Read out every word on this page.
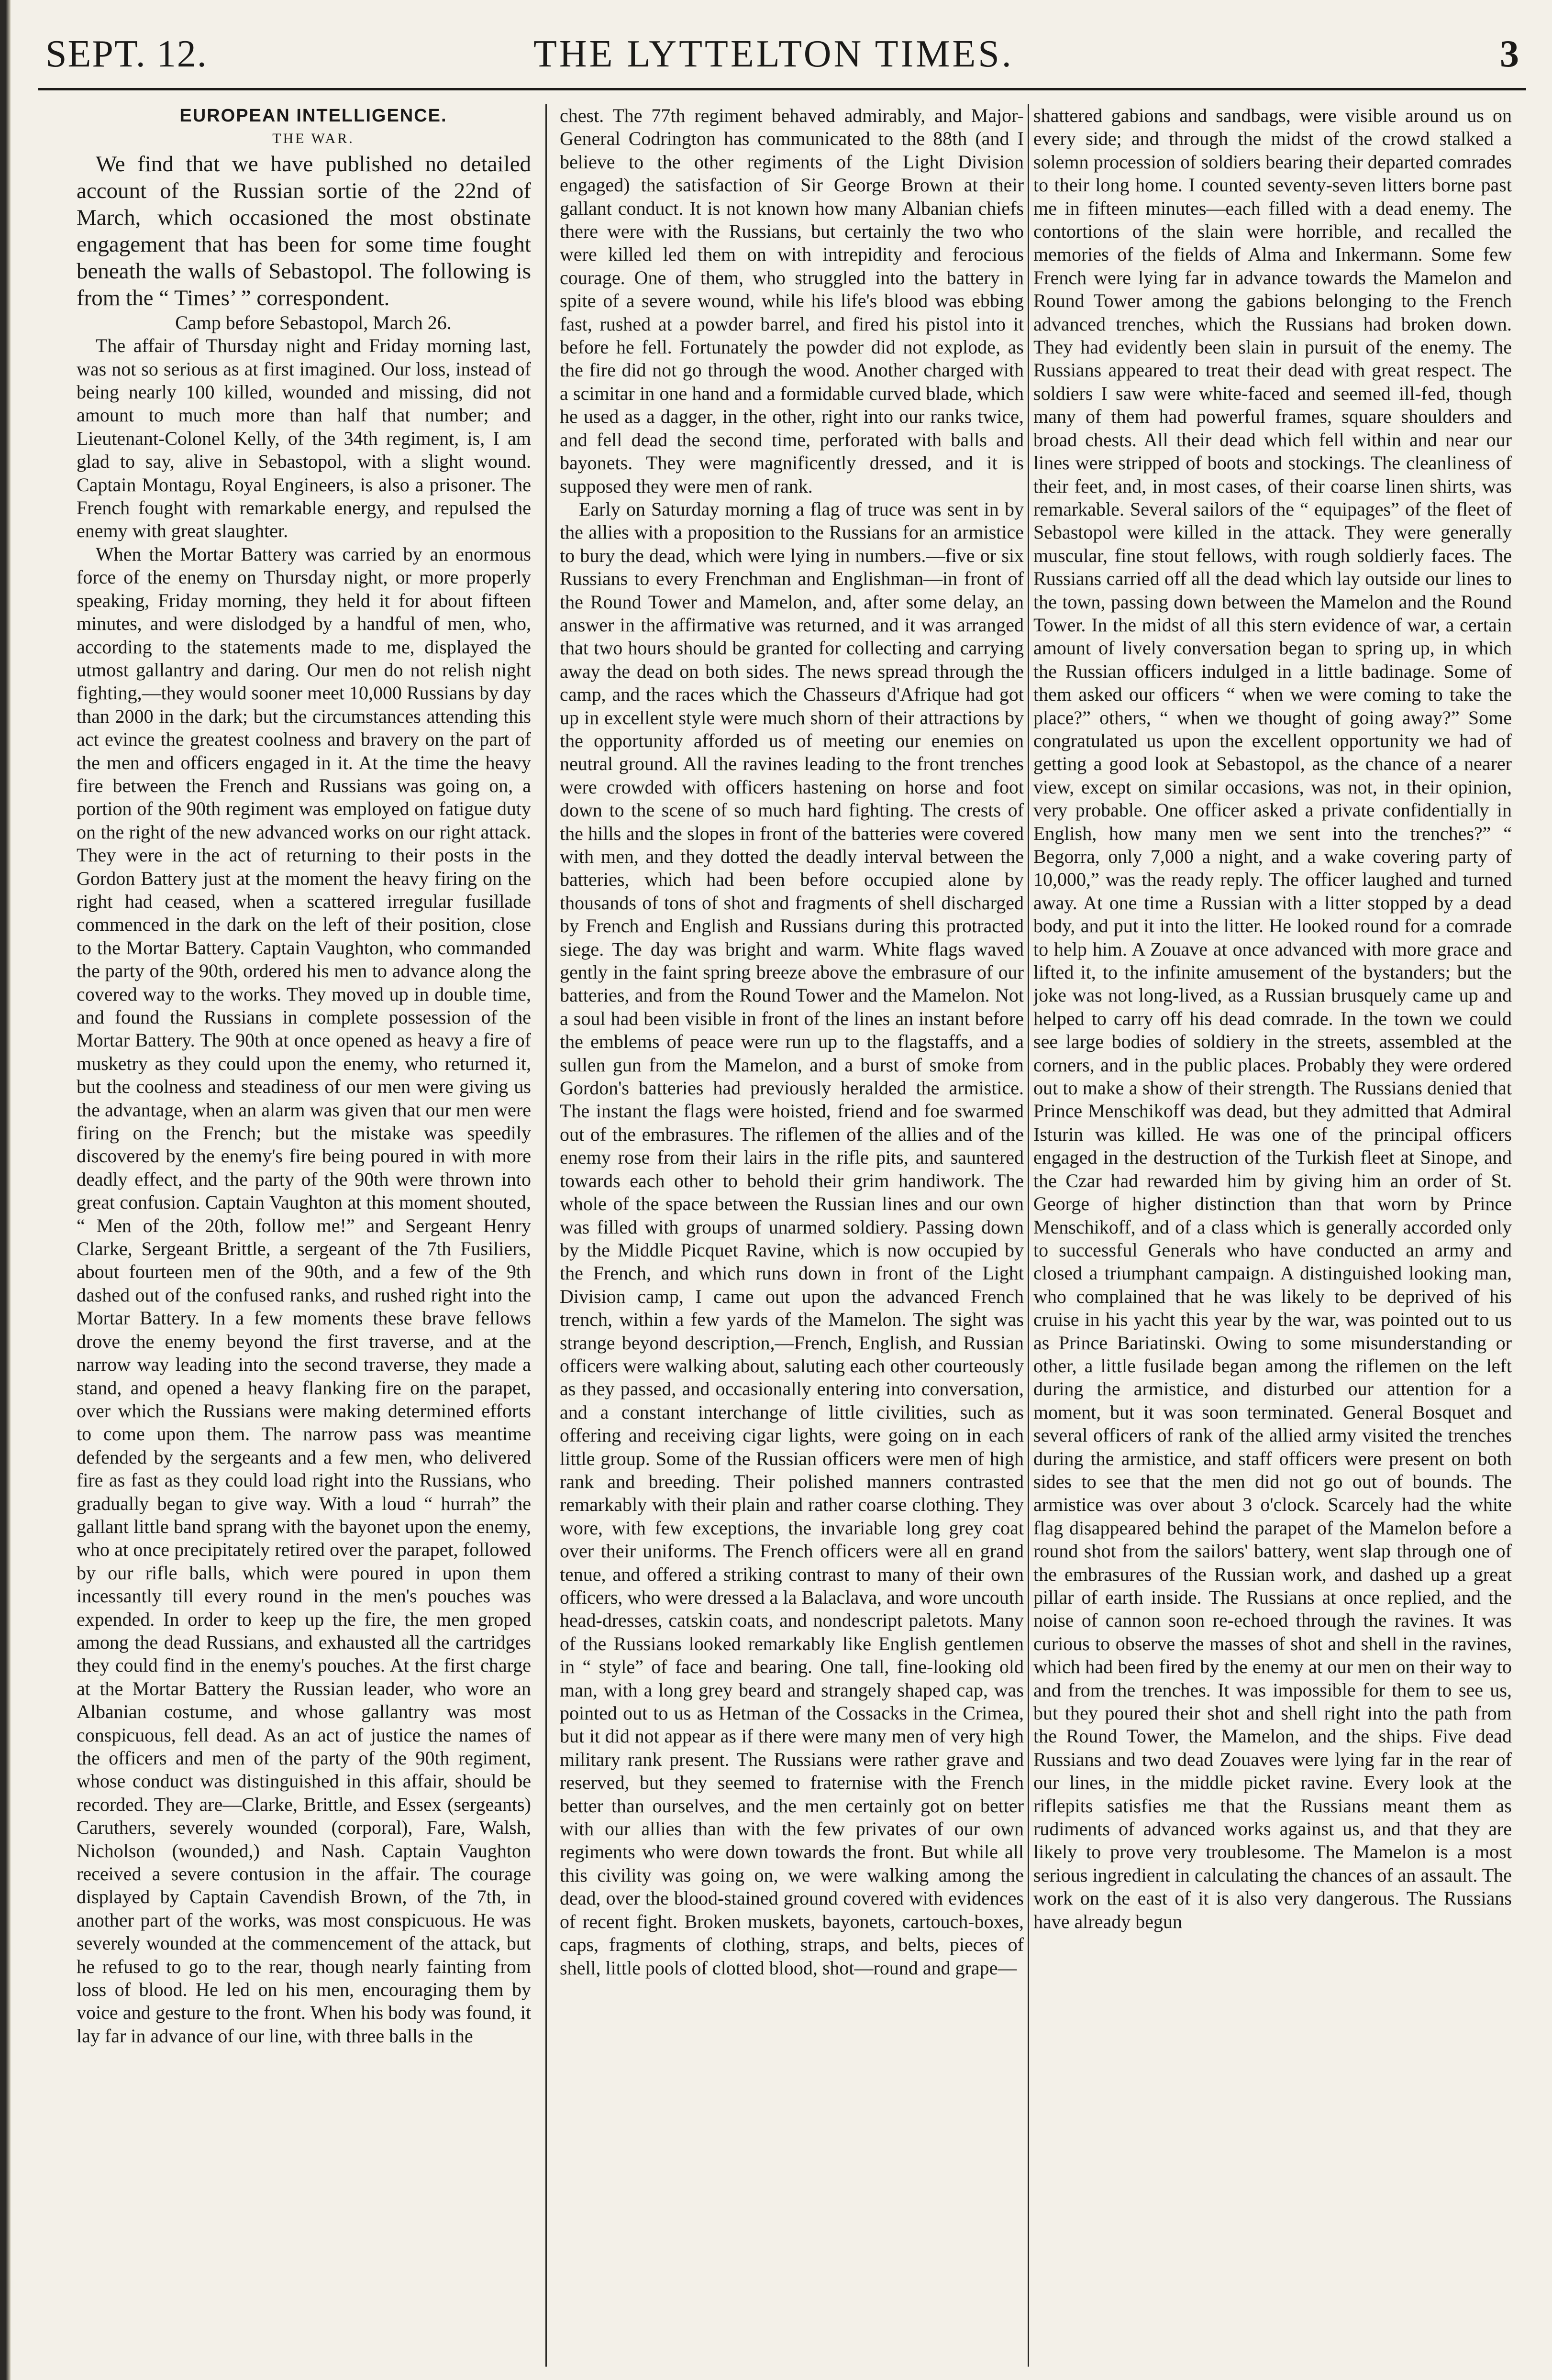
SEPT. 12.	THE LYTTELTON TIMES.	3

EUROPEAN INTELLIGENCE.

THE WAR.

We find that we have published no detailed account of the Russian sortie of the 22nd of March, which occasioned the most obstinate engagement that has been for some time fought beneath the walls of Sebastopol. The following is from the “ Times’ ” correspondent.

Camp before Sebastopol, March 26.

The affair of Thursday night and Friday morning last, was not so serious as at first imagined. Our loss, instead of being nearly 100 killed, wounded and missing, did not amount to much more than half that number; and Lieutenant-Colonel Kelly, of the 34th regiment, is, I am glad to say, alive in Sebastopol, with a slight wound. Captain Montagu, Royal Engineers, is also a prisoner. The French fought with remarkable energy, and repulsed the enemy with great slaughter.

When the Mortar Battery was carried by an enormous force of the enemy on Thursday night, or more properly speaking, Friday morning, they held it for about fifteen minutes, and were dislodged by a handful of men, who, according to the statements made to me, displayed the utmost gallantry and daring. Our men do not relish night fighting,—they would sooner meet 10,000 Russians by day than 2000 in the dark; but the circumstances attending this act evince the greatest coolness and bravery on the part of the men and officers engaged in it. At the time the heavy fire between the French and Russians was going on, a portion of the 90th regiment was employed on fatigue duty on the right of the new advanced works on our right attack. They were in the act of returning to their posts in the Gordon Battery just at the moment the heavy firing on the right had ceased, when a scattered irregular fusillade commenced in the dark on the left of their position, close to the Mortar Battery. Captain Vaughton, who commanded the party of the 90th, ordered his men to advance along the covered way to the works. They moved up in double time, and found the Russians in complete possession of the Mortar Battery. The 90th at once opened as heavy a fire of musketry as they could upon the enemy, who returned it, but the coolness and steadiness of our men were giving us the advantage, when an alarm was given that our men were firing on the French; but the mistake was speedily discovered by the enemy's fire being poured in with more deadly effect, and the party of the 90th were thrown into great confusion. Captain Vaughton at this moment shouted, “ Men of the 20th, follow me!” and Sergeant Henry Clarke, Sergeant Brittle, a sergeant of the 7th Fusiliers, about fourteen men of the 90th, and a few of the 9th dashed out of the confused ranks, and rushed right into the Mortar Battery. In a few moments these brave fellows drove the enemy beyond the first traverse, and at the narrow way leading into the second traverse, they made a stand, and opened a heavy flanking fire on the parapet, over which the Russians were making determined efforts to come upon them. The narrow pass was meantime defended by the sergeants and a few men, who delivered fire as fast as they could load right into the Russians, who gradually began to give way. With a loud “ hurrah” the gallant little band sprang with the bayonet upon the enemy, who at once precipitately retired over the parapet, followed by our rifle balls, which were poured in upon them incessantly till every round in the men's pouches was expended. In order to keep up the fire, the men groped among the dead Russians, and exhausted all the cartridges they could find in the enemy's pouches. At the first charge at the Mortar Battery the Russian leader, who wore an Albanian costume, and whose gallantry was most conspicuous, fell dead. As an act of justice the names of the officers and men of the party of the 90th regiment, whose conduct was distinguished in this affair, should be recorded. They are—Clarke, Brittle, and Essex (sergeants) Caruthers, severely wounded (corporal), Fare, Walsh, Nicholson (wounded,) and Nash. Captain Vaughton received a severe contusion in the affair. The courage displayed by Captain Cavendish Brown, of the 7th, in another part of the works, was most conspicuous. He was severely wounded at the commencement of the attack, but he refused to go to the rear, though nearly fainting from loss of blood. He led on his men, encouraging them by voice and gesture to the front. When his body was found, it lay far in advance of our line, with three balls in the

chest. The 77th regiment behaved admirably, and Major-General Codrington has communicated to the 88th (and I believe to the other regiments of the Light Division engaged) the satisfaction of Sir George Brown at their gallant conduct. It is not known how many Albanian chiefs there were with the Russians, but certainly the two who were killed led them on with intrepidity and ferocious courage. One of them, who struggled into the battery in spite of a severe wound, while his life's blood was ebbing fast, rushed at a powder barrel, and fired his pistol into it before he fell. Fortunately the powder did not explode, as the fire did not go through the wood. Another charged with a scimitar in one hand and a formidable curved blade, which he used as a dagger, in the other, right into our ranks twice, and fell dead the second time, perforated with balls and bayonets. They were magnificently dressed, and it is supposed they were men of rank.

Early on Saturday morning a flag of truce was sent in by the allies with a proposition to the Russians for an armistice to bury the dead, which were lying in numbers.—five or six Russians to every Frenchman and Englishman—in front of the Round Tower and Mamelon, and, after some delay, an answer in the affirmative was returned, and it was arranged that two hours should be granted for collecting and carrying away the dead on both sides. The news spread through the camp, and the races which the Chasseurs d'Afrique had got up in excellent style were much shorn of their attractions by the opportunity afforded us of meeting our enemies on neutral ground. All the ravines leading to the front trenches were crowded with officers hastening on horse and foot down to the scene of so much hard fighting. The crests of the hills and the slopes in front of the batteries were covered with men, and they dotted the deadly interval between the batteries, which had been before occupied alone by thousands of tons of shot and fragments of shell discharged by French and English and Russians during this protracted siege. The day was bright and warm. White flags waved gently in the faint spring breeze above the embrasure of our batteries, and from the Round Tower and the Mamelon. Not a soul had been visible in front of the lines an instant before the emblems of peace were run up to the flagstaffs, and a sullen gun from the Mamelon, and a burst of smoke from Gordon's batteries had previously heralded the armistice. The instant the flags were hoisted, friend and foe swarmed out of the embrasures. The riflemen of the allies and of the enemy rose from their lairs in the rifle pits, and sauntered towards each other to behold their grim handiwork. The whole of the space between the Russian lines and our own was filled with groups of unarmed soldiery. Passing down by the Middle Picquet Ravine, which is now occupied by the French, and which runs down in front of the Light Division camp, I came out upon the advanced French trench, within a few yards of the Mamelon. The sight was strange beyond description,—French, English, and Russian officers were walking about, saluting each other courteously as they passed, and occasionally entering into conversation, and a constant interchange of little civilities, such as offering and receiving cigar lights, were going on in each little group. Some of the Russian officers were men of high rank and breeding. Their polished manners contrasted remarkably with their plain and rather coarse clothing. They wore, with few exceptions, the invariable long grey coat over their uniforms. The French officers were all en grand tenue, and offered a striking contrast to many of their own officers, who were dressed a la Balaclava, and wore uncouth head-dresses, catskin coats, and nondescript paletots. Many of the Russians looked remarkably like English gentlemen in “ style” of face and bearing. One tall, fine-looking old man, with a long grey beard and strangely shaped cap, was pointed out to us as Hetman of the Cossacks in the Crimea, but it did not appear as if there were many men of very high military rank present. The Russians were rather grave and reserved, but they seemed to fraternise with the French better than ourselves, and the men certainly got on better with our allies than with the few privates of our own regiments who were down towards the front. But while all this civility was going on, we were walking among the dead, over the blood-stained ground covered with evidences of recent fight. Broken muskets, bayonets, cartouch-boxes, caps, fragments of clothing, straps, and belts, pieces of shell, little pools of clotted blood, shot—round and grape—

shattered gabions and sandbags, were visible around us on every side; and through the midst of the crowd stalked a solemn procession of soldiers bearing their departed comrades to their long home. I counted seventy-seven litters borne past me in fifteen minutes—each filled with a dead enemy. The contortions of the slain were horrible, and recalled the memories of the fields of Alma and Inkermann. Some few French were lying far in advance towards the Mamelon and Round Tower among the gabions belonging to the French advanced trenches, which the Russians had broken down. They had evidently been slain in pursuit of the enemy. The Russians appeared to treat their dead with great respect. The soldiers I saw were white-faced and seemed ill-fed, though many of them had powerful frames, square shoulders and broad chests. All their dead which fell within and near our lines were stripped of boots and stockings. The cleanliness of their feet, and, in most cases, of their coarse linen shirts, was remarkable. Several sailors of the “ equipages” of the fleet of Sebastopol were killed in the attack. They were generally muscular, fine stout fellows, with rough soldierly faces. The Russians carried off all the dead which lay outside our lines to the town, passing down between the Mamelon and the Round Tower. In the midst of all this stern evidence of war, a certain amount of lively conversation began to spring up, in which the Russian officers indulged in a little badinage. Some of them asked our officers “ when we were coming to take the place?” others, “ when we thought of going away?” Some congratulated us upon the excellent opportunity we had of getting a good look at Sebastopol, as the chance of a nearer view, except on similar occasions, was not, in their opinion, very probable. One officer asked a private confidentially in English, how many men we sent into the trenches?” “ Begorra, only 7,000 a night, and a wake covering party of 10,000,” was the ready reply. The officer laughed and turned away. At one time a Russian with a litter stopped by a dead body, and put it into the litter. He looked round for a comrade to help him. A Zouave at once advanced with more grace and lifted it, to the infinite amusement of the bystanders; but the joke was not long-lived, as a Russian brusquely came up and helped to carry off his dead comrade. In the town we could see large bodies of soldiery in the streets, assembled at the corners, and in the public places. Probably they were ordered out to make a show of their strength. The Russians denied that Prince Menschikoff was dead, but they admitted that Admiral Isturin was killed. He was one of the principal officers engaged in the destruction of the Turkish fleet at Sinope, and the Czar had rewarded him by giving him an order of St. George of higher distinction than that worn by Prince Menschikoff, and of a class which is generally accorded only to successful Generals who have conducted an army and closed a triumphant campaign. A distinguished looking man, who complained that he was likely to be deprived of his cruise in his yacht this year by the war, was pointed out to us as Prince Bariatinski. Owing to some misunderstanding or other, a little fusilade began among the riflemen on the left during the armistice, and disturbed our attention for a moment, but it was soon terminated. General Bosquet and several officers of rank of the allied army visited the trenches during the armistice, and staff officers were present on both sides to see that the men did not go out of bounds. The armistice was over about 3 o'clock. Scarcely had the white flag disappeared behind the parapet of the Mamelon before a round shot from the sailors' battery, went slap through one of the embrasures of the Russian work, and dashed up a great pillar of earth inside. The Russians at once replied, and the noise of cannon soon re-echoed through the ravines. It was curious to observe the masses of shot and shell in the ravines, which had been fired by the enemy at our men on their way to and from the trenches. It was impossible for them to see us, but they poured their shot and shell right into the path from the Round Tower, the Mamelon, and the ships. Five dead Russians and two dead Zouaves were lying far in the rear of our lines, in the middle picket ravine. Every look at the riflepits satisfies me that the Russians meant them as rudiments of advanced works against us, and that they are likely to prove very troublesome. The Mamelon is a most serious ingredient in calculating the chances of an assault. The work on the east of it is also very dangerous. The Russians have already begun
